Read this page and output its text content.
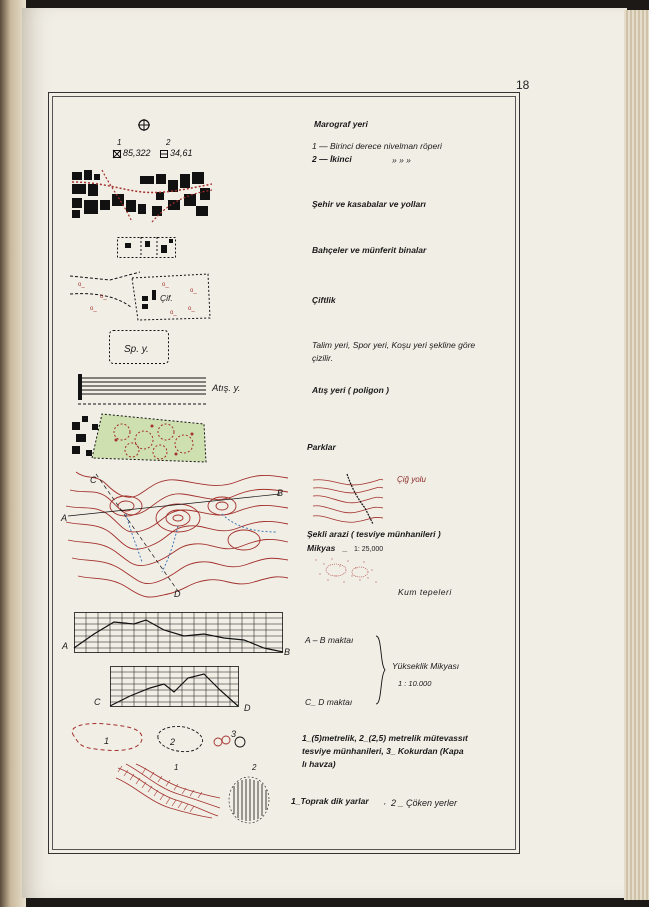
18
Marograf yeri
1	2
85,322 34,61
1 — Birinci derece nivelman röperi
2 — İkinci	» » »
Şehir ve kasabalar ve yolları
Bahçeler ve münferit binalar
o_
o_
o_
o_
o_
o_
o_
Çif.	Çiftlik
Sp. y.	Talim yeri, Spor yeri, Koşu yeri şekline göre
çizilir.
Atış. y.	Atış yeri ( poligon )
Parklar
A
B
C
D
Çiğ yolu
Şekli arazi ( tesviye münhanileri )
Mikyas _ 1: 25,000
Kum tepeleri
A
B
C
D
A – B maktaı
C_ D maktaı
Yükseklik Mikyası
1 : 10.000
1	2
3	1_(5)metrelik, 2_(2,5) metrelik mütevassıt
tesviye münhanileri, 3_ Kokurdan (Kapa
lı havza)
1	2
1_Toprak dik yarlar , 2 _ Çöken yerler
